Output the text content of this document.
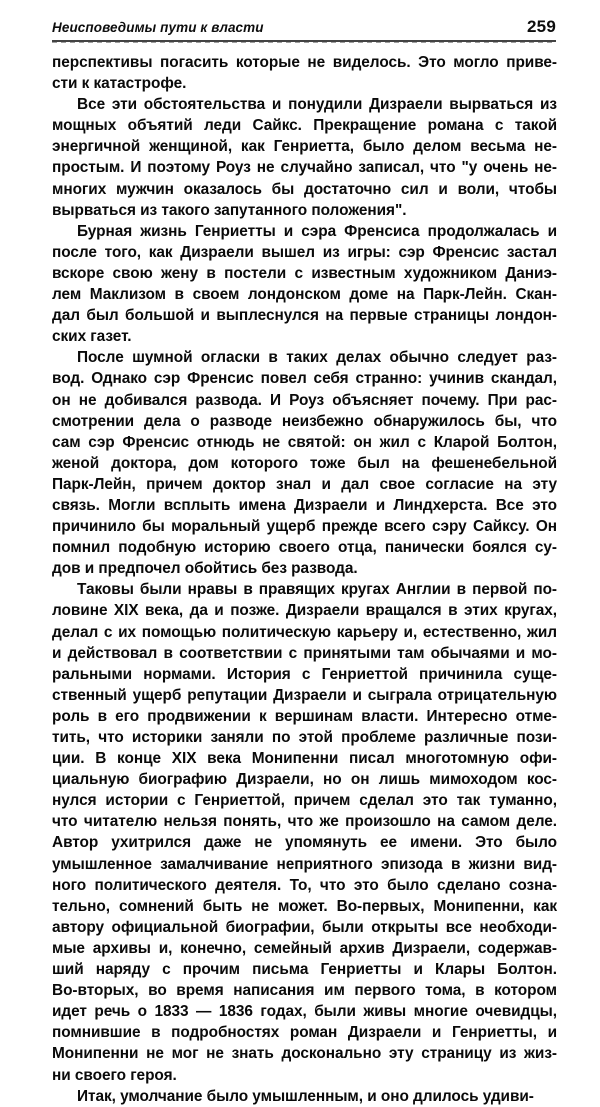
Неисповедимы пути к власти	259

перспективы погасить которые не виделось. Это могло приве-
сти к катастрофе.

Все эти обстоятельства и понудили Дизраели вырваться из
мощных объятий леди Сайкс. Прекращение романа с такой
энергичной женщиной, как Генриетта, было делом весьма не-
простым. И поэтому Роуз не случайно записал, что "у очень не-
многих мужчин оказалось бы достаточно сил и воли, чтобы
вырваться из такого запутанного положения".

Бурная жизнь Генриетты и сэра Френсиса продолжалась и
после того, как Дизраели вышел из игры: сэр Френсис застал
вскоре свою жену в постели с известным художником Даниэ-
лем Маклизом в своем лондонском доме на Парк-Лейн. Скан-
дал был большой и выплеснулся на первые страницы лондон-
ских газет.

После шумной огласки в таких делах обычно следует раз-
вод. Однако сэр Френсис повел себя странно: учинив скандал,
он не добивался развода. И Роуз объясняет почему. При рас-
смотрении дела о разводе неизбежно обнаружилось бы, что
сам сэр Френсис отнюдь не святой: он жил с Кларой Болтон,
женой доктора, дом которого тоже был на фешенебельной
Парк-Лейн, причем доктор знал и дал свое согласие на эту
связь. Могли всплыть имена Дизраели и Линдхерста. Все это
причинило бы моральный ущерб прежде всего сэру Сайксу. Он
помнил подобную историю своего отца, панически боялся су-
дов и предпочел обойтись без развода.

Таковы были нравы в правящих кругах Англии в первой по-
ловине XIX века, да и позже. Дизраели вращался в этих кругах,
делал с их помощью политическую карьеру и, естественно, жил
и действовал в соответствии с принятыми там обычаями и мо-
ральными нормами. История с Генриеттой причинила суще-
ственный ущерб репутации Дизраели и сыграла отрицательную
роль в его продвижении к вершинам власти. Интересно отме-
тить, что историки заняли по этой проблеме различные пози-
ции. В конце XIX века Монипенни писал многотомную офи-
циальную биографию Дизраели, но он лишь мимоходом кос-
нулся истории с Генриеттой, причем сделал это так туманно,
что читателю нельзя понять, что же произошло на самом деле.
Автор ухитрился даже не упомянуть ее имени. Это было
умышленное замалчивание неприятного эпизода в жизни вид-
ного политического деятеля. То, что это было сделано созна-
тельно, сомнений быть не может. Во-первых, Монипенни, как
автору официальной биографии, были открыты все необходи-
мые архивы и, конечно, семейный архив Дизраели, содержав-
ший наряду с прочим письма Генриетты и Клары Болтон.
Во-вторых, во время написания им первого тома, в котором
идет речь о 1833 — 1836 годах, были живы многие очевидцы,
помнившие в подробностях роман Дизраели и Генриетты, и
Монипенни не мог не знать досконально эту страницу из жиз-
ни своего героя.

Итак, умолчание было умышленным, и оно длилось удиви-
